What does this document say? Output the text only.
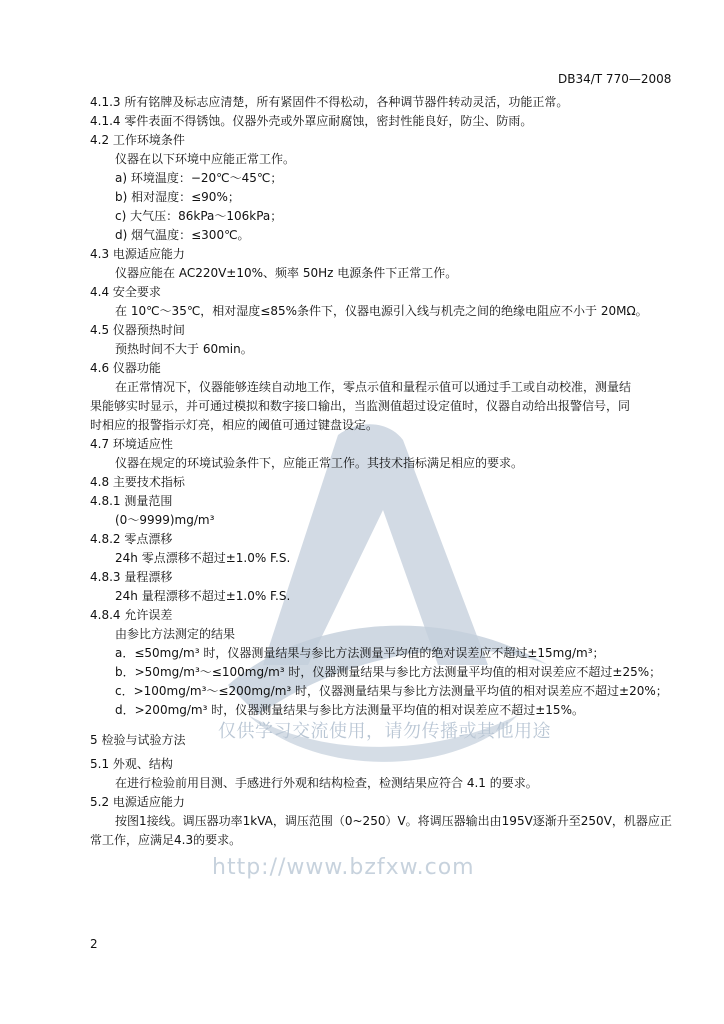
仅供学习交流使用，请勿传播或其他用途
http://www.bzfxw.com
DB34/T 770—2008
4.1.3 所有铭牌及标志应清楚，所有紧固件不得松动，各种调节器件转动灵活，功能正常。
4.1.4 零件表面不得锈蚀。仪器外壳或外罩应耐腐蚀，密封性能良好，防尘、防雨。
4.2 工作环境条件
仪器在以下环境中应能正常工作。
a) 环境温度：−20℃～45℃；
b) 相对湿度：≤90%；
c) 大气压：86kPa～106kPa；
d) 烟气温度：≤300℃。
4.3 电源适应能力
仪器应能在 AC220V±10%、频率 50Hz 电源条件下正常工作。
4.4 安全要求
在 10℃～35℃，相对湿度≤85%条件下，仪器电源引入线与机壳之间的绝缘电阻应不小于 20MΩ。
4.5 仪器预热时间
预热时间不大于 60min。
4.6 仪器功能
在正常情况下，仪器能够连续自动地工作，零点示值和量程示值可以通过手工或自动校准，测量结
果能够实时显示，并可通过模拟和数字接口输出，当监测值超过设定值时，仪器自动给出报警信号，同
时相应的报警指示灯亮，相应的阈值可通过键盘设定。
4.7 环境适应性
仪器在规定的环境试验条件下，应能正常工作。其技术指标满足相应的要求。
4.8 主要技术指标
4.8.1 测量范围
(0～9999)mg/m³
4.8.2 零点漂移
24h 零点漂移不超过±1.0% F.S.
4.8.3 量程漂移
24h 量程漂移不超过±1.0% F.S.
4.8.4 允许误差
由参比方法测定的结果
a．≤50mg/m³ 时，仪器测量结果与参比方法测量平均值的绝对误差应不超过±15mg/m³；
b．>50mg/m³～≤100mg/m³ 时，仪器测量结果与参比方法测量平均值的相对误差应不超过±25%；
c．>100mg/m³～≤200mg/m³ 时，仪器测量结果与参比方法测量平均值的相对误差应不超过±20%；
d．>200mg/m³ 时，仪器测量结果与参比方法测量平均值的相对误差应不超过±15%。
5 检验与试验方法
5.1 外观、结构
在进行检验前用目测、手感进行外观和结构检查，检测结果应符合 4.1 的要求。
5.2 电源适应能力
按图1接线。调压器功率1kVA，调压范围（0~250）V。将调压器输出由195V逐渐升至250V，机器应正
常工作，应满足4.3的要求。
2
